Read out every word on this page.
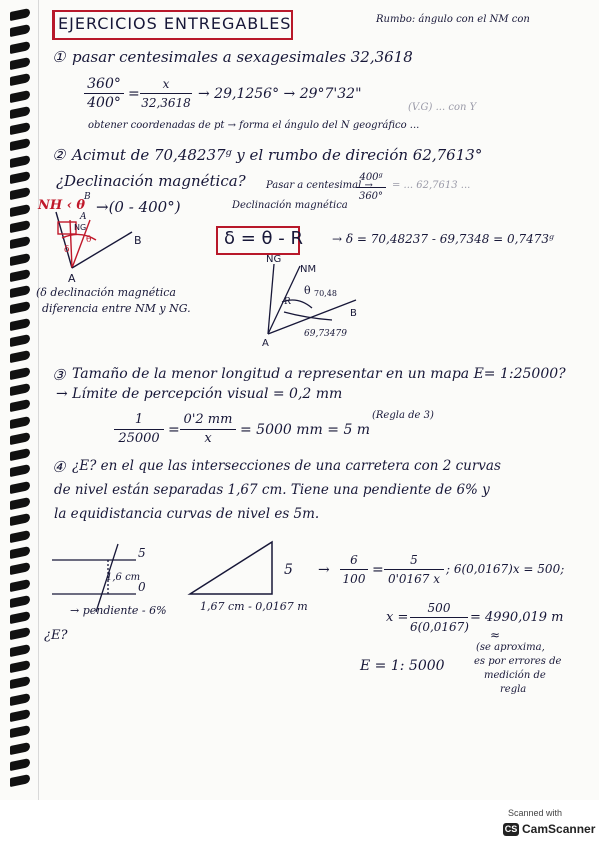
EJERCICIOS ENTREGABLES	Rumbo: ángulo con el NM con
① pasar centesimales a sexagesimales 32,3618
360°
400°
=
x
32,3618
→ 29,1256° → 29°7'32"
(V.G) ... con Y
obtener coordenadas de pt → forma el ángulo del N geográfico ...
② Acimut de 70,48237ᵍ y el rumbo de direción 62,7613°
¿Declinación magnética? Pasar a centesimal →
400ᵍ
360°
= ... 62,7613 ...
NH ‹ θ
B
A
→(0 - 400°)	Declinación magnética
δ = θ - R → δ = 70,48237 - 69,7348 = 0,7473ᵍ
(δ declinación magnética
diferencia entre NM y NG.
③ Tamaño de la menor longitud a representar en un mapa E= 1:25000?
→ Límite de percepción visual = 0,2 mm
(Regla de 3)
1
25000
=
0'2 mm
x
= 5000 mm = 5 m
④ ¿E? en el que las intersecciones de una carretera con 2 curvas
de nivel están separadas 1,67 cm. Tiene una pendiente de 6% y
la equidistancia curvas de nivel es 5m.
5
1,6 cm
0
→ pendiente - 6%
¿E?
5
1,67 cm - 0,0167 m
→
6
100
=
5
0'0167 x
; 6(0,0167)x = 500;
x =
500
6(0,0167)
= 4990,019 m
≈
(se aproxima,
es por errores de
medición de
regla
E = 1: 5000
NG
θ
δ
A
B
NG
NM
A
B
θ 70,48
R
69,73479
Scanned with
CS CamScanner
